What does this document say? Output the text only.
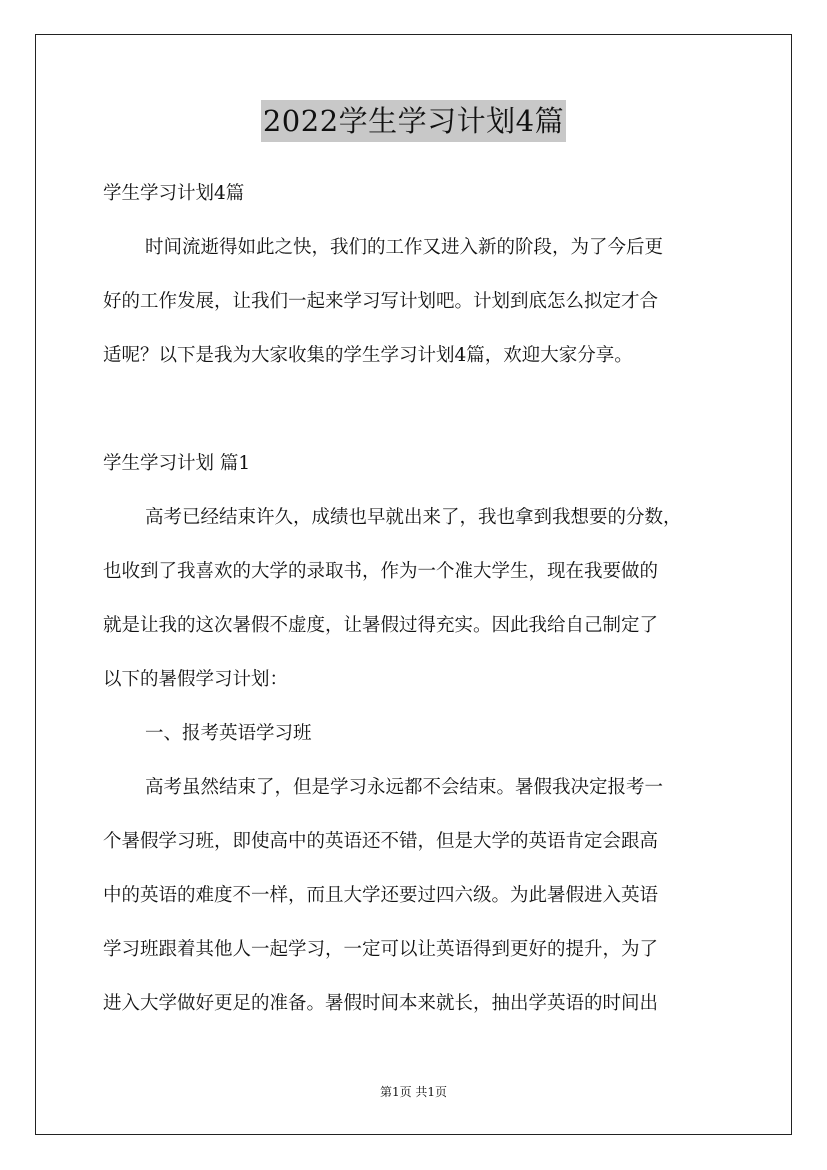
2022学生学习计划4篇
学生学习计划4篇
时间流逝得如此之快，我们的工作又进入新的阶段，为了今后更
好的工作发展，让我们一起来学习写计划吧。计划到底怎么拟定才合
适呢？以下是我为大家收集的学生学习计划4篇，欢迎大家分享。
学生学习计划 篇1
高考已经结束许久，成绩也早就出来了，我也拿到我想要的分数，
也收到了我喜欢的大学的录取书，作为一个准大学生，现在我要做的
就是让我的这次暑假不虚度，让暑假过得充实。因此我给自己制定了
以下的暑假学习计划：
一、报考英语学习班
高考虽然结束了，但是学习永远都不会结束。暑假我决定报考一
个暑假学习班，即使高中的英语还不错，但是大学的英语肯定会跟高
中的英语的难度不一样，而且大学还要过四六级。为此暑假进入英语
学习班跟着其他人一起学习，一定可以让英语得到更好的提升，为了
进入大学做好更足的准备。暑假时间本来就长，抽出学英语的时间出
第1页 共1页
